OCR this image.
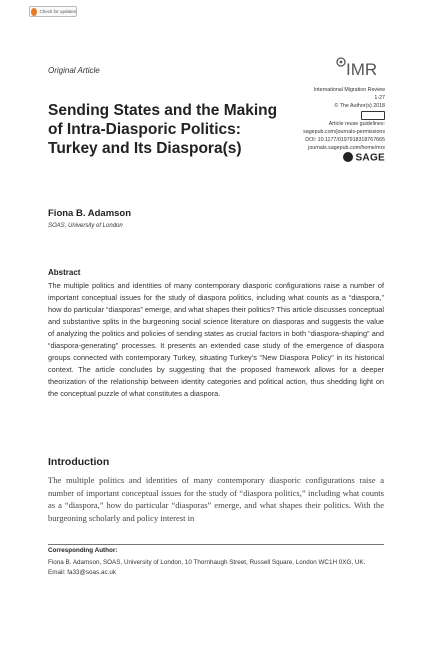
Check for updates
Original Article	IMR
International Migration Review
1-27
© The Author(s) 2018
Article reuse guidelines:
sagepub.com/journals-permissions
DOI: 10.1177/0197918318767665
journals.sagepub.com/home/mrx
SAGE
Sending States and the Making of Intra-Diasporic Politics: Turkey and Its Diaspora(s)
Fiona B. Adamson
SOAS, University of London
Abstract

The multiple politics and identities of many contemporary diasporic configurations raise a number of important conceptual issues for the study of diaspora politics, including what counts as a “diaspora,” how do particular “diasporas” emerge, and what shapes their politics? This article discusses conceptual and substantive splits in the burgeoning social science literature on diasporas and suggests the value of analyzing the politics and policies of sending states as crucial factors in both “diaspora-shaping” and “diaspora-generating” processes. It presents an extended case study of the emergence of diaspora groups connected with contemporary Turkey, situating Turkey’s “New Diaspora Policy” in its historical context. The article concludes by suggesting that the proposed framework allows for a deeper theorization of the relationship between identity categories and political action, thus shedding light on the conceptual puzzle of what constitutes a diaspora.

Introduction

The multiple politics and identities of many contemporary diasporic configurations raise a number of important conceptual issues for the study of “diaspora politics,” including what counts as a “diaspora,” how do particular “diasporas” emerge, and what shapes their politics. With the burgeoning scholarly and policy interest in

Corresponding Author:
Fiona B. Adamson, SOAS, University of London, 10 Thornhaugh Street, Russell Square, London WC1H 0XG, UK.
Email: fa33@soas.ac.uk
